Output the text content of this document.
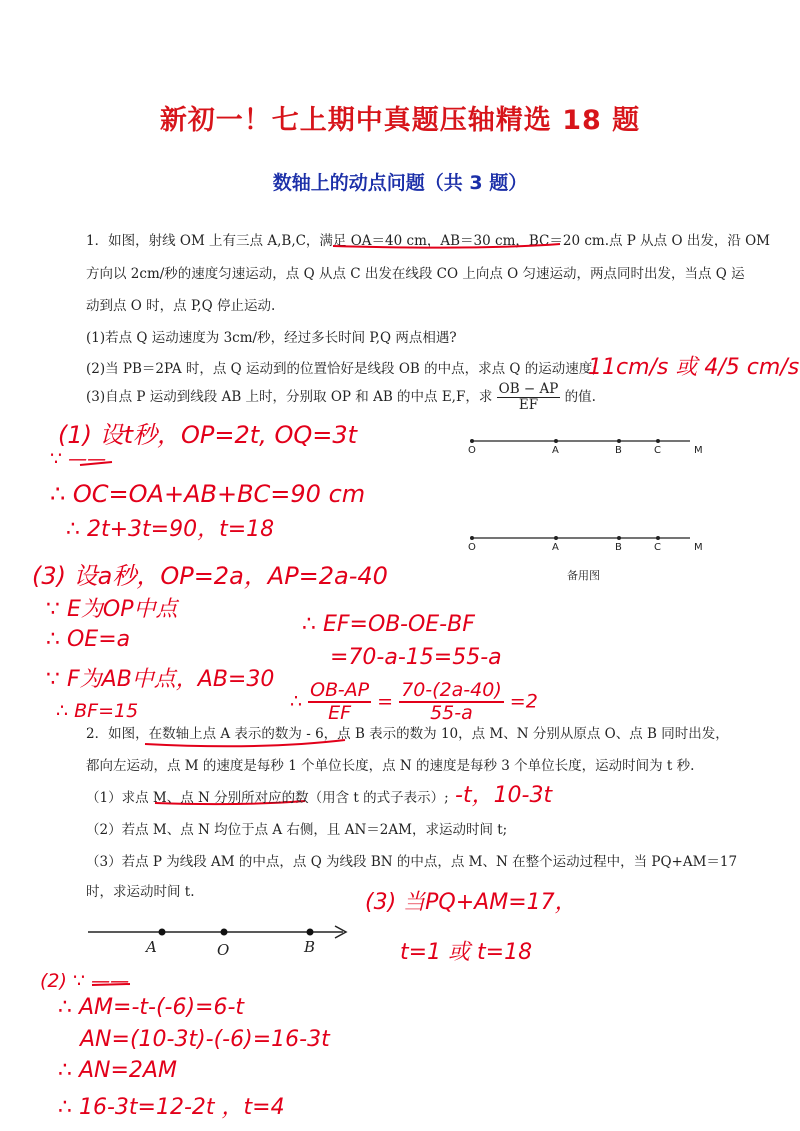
新初一！七上期中真题压轴精选 18 题
数轴上的动点问题（共 3 题）
1．如图，射线 OM 上有三点 A,B,C，满足 OA＝40 cm，AB＝30 cm，BC＝20 cm.点 P 从点 O 出发，沿 OM
方向以 2cm/秒的速度匀速运动，点 Q 从点 C 出发在线段 CO 上向点 O 匀速运动，两点同时出发，当点 Q 运
动到点 O 时，点 P,Q 停止运动.
(1)若点 Q 运动速度为 3cm/秒，经过多长时间 P,Q 两点相遇?
(2)当 PB＝2PA 时，点 Q 运动到的位置恰好是线段 OB 的中点，求点 Q 的运动速度;
(3)自点 P 运动到线段 AB 上时，分别取 OP 和 AB 的中点 E,F，求 $\frac{OB - AP}{EF}$ 的值.
O	A	B	C	M
O	A	B	C	M
备用图
2．如图，在数轴上点 A 表示的数为 - 6，点 B 表示的数为 10，点 M、N 分别从原点 O、点 B 同时出发，
都向左运动，点 M 的速度是每秒 1 个单位长度，点 N 的速度是每秒 3 个单位长度，运动时间为 t 秒.
（1）求点 M、点 N 分别所对应的数（用含 t 的式子表示）;
（2）若点 M、点 N 均位于点 A 右侧，且 AN＝2AM，求运动时间 t;
（3）若点 P 为线段 AM 的中点，点 Q 为线段 BN 的中点，点 M、N 在整个运动过程中，当 PQ+AM＝17
时，求运动时间 t.
A	O	B
11cm/s 或 4/5 cm/s
(1) 设t秒，OP=2t, OQ=3t
∵ ——
∴ OC=OA+AB+BC=90 cm
∴ 2t+3t=90，t=18
(3) 设a秒，OP=2a，AP=2a-40
∵ E为OP中点
∴ OE=a
∵ F为AB中点，AB=30
∴ BF=15
∴ EF=OB-OE-BF
=70-a-15=55-a
∴ $\frac{OB-AP}{EF} = \frac{70-(2a-40)}{55-a} =2$
-t，10-3t
(3) 当PQ+AM=17，
t=1 或 t=18
(2) ∵ ——
∴ AM=-t-(-6)=6-t
AN=(10-3t)-(-6)=16-3t
∴ AN=2AM
∴ 16-3t=12-2t ，t=4
